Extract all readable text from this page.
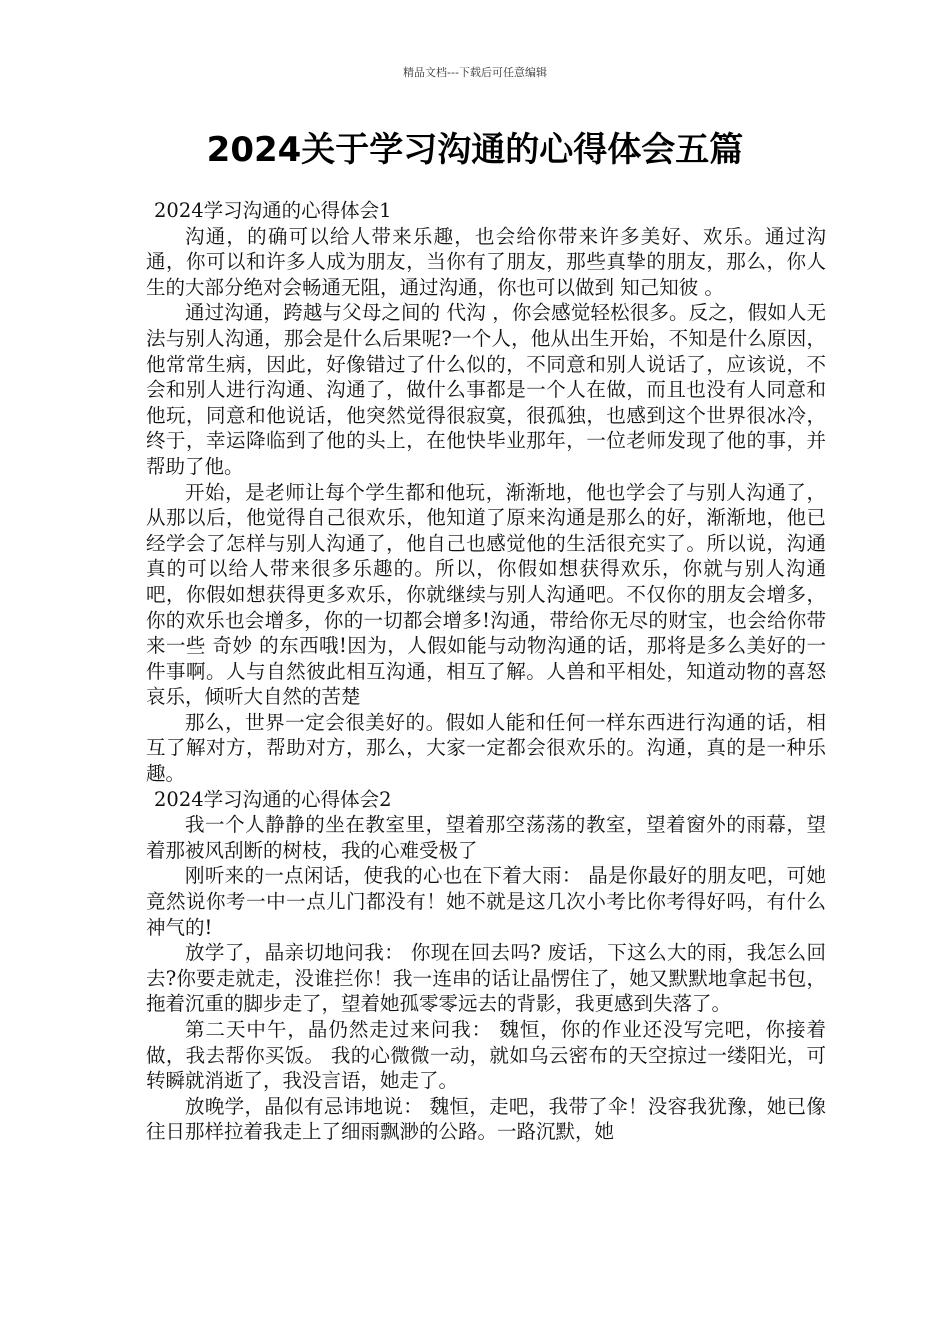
精品文档---下载后可任意编辑
2024关于学习沟通的心得体会五篇
2024学习沟通的心得体会1

沟通，的确可以给人带来乐趣，也会给你带来许多美好、欢乐。通过沟通，你可以和许多人成为朋友，当你有了朋友，那些真挚的朋友，那么，你人生的大部分绝对会畅通无阻，通过沟通，你也可以做到 知己知彼 。

通过沟通，跨越与父母之间的 代沟 ，你会感觉轻松很多。反之，假如人无法与别人沟通，那会是什么后果呢?一个人，他从出生开始，不知是什么原因，他常常生病，因此，好像错过了什么似的，不同意和别人说话了，应该说，不会和别人进行沟通、沟通了，做什么事都是一个人在做，而且也没有人同意和他玩，同意和他说话，他突然觉得很寂寞，很孤独，也感到这个世界很冰冷，终于，幸运降临到了他的头上，在他快毕业那年，一位老师发现了他的事，并帮助了他。

开始，是老师让每个学生都和他玩，渐渐地，他也学会了与别人沟通了，从那以后，他觉得自己很欢乐，他知道了原来沟通是那么的好，渐渐地，他已经学会了怎样与别人沟通了，他自己也感觉他的生活很充实了。所以说，沟通真的可以给人带来很多乐趣的。所以，你假如想获得欢乐，你就与别人沟通吧，你假如想获得更多欢乐，你就继续与别人沟通吧。不仅你的朋友会增多，你的欢乐也会增多，你的一切都会增多!沟通，带给你无尽的财宝，也会给你带来一些 奇妙 的东西哦!因为，人假如能与动物沟通的话，那将是多么美好的一件事啊。人与自然彼此相互沟通，相互了解。人兽和平相处，知道动物的喜怒哀乐，倾听大自然的苦楚

那么，世界一定会很美好的。假如人能和任何一样东西进行沟通的话，相互了解对方，帮助对方，那么，大家一定都会很欢乐的。沟通，真的是一种乐趣。

2024学习沟通的心得体会2

我一个人静静的坐在教室里，望着那空荡荡的教室，望着窗外的雨幕，望着那被风刮断的树枝，我的心难受极了

刚听来的一点闲话，使我的心也在下着大雨： 晶是你最好的朋友吧，可她竟然说你考一中一点儿门都没有！她不就是这几次小考比你考得好吗，有什么神气的!

放学了，晶亲切地问我： 你现在回去吗? 废话，下这么大的雨，我怎么回去?你要走就走，没谁拦你！我一连串的话让晶愣住了，她又默默地拿起书包，拖着沉重的脚步走了，望着她孤零零远去的背影，我更感到失落了。

第二天中午，晶仍然走过来问我： 魏恒，你的作业还没写完吧，你接着做，我去帮你买饭。 我的心微微一动，就如乌云密布的天空掠过一缕阳光，可转瞬就消逝了，我没言语，她走了。

放晚学，晶似有忌讳地说： 魏恒，走吧，我带了伞！没容我犹豫，她已像往日那样拉着我走上了细雨飘渺的公路。一路沉默，她
